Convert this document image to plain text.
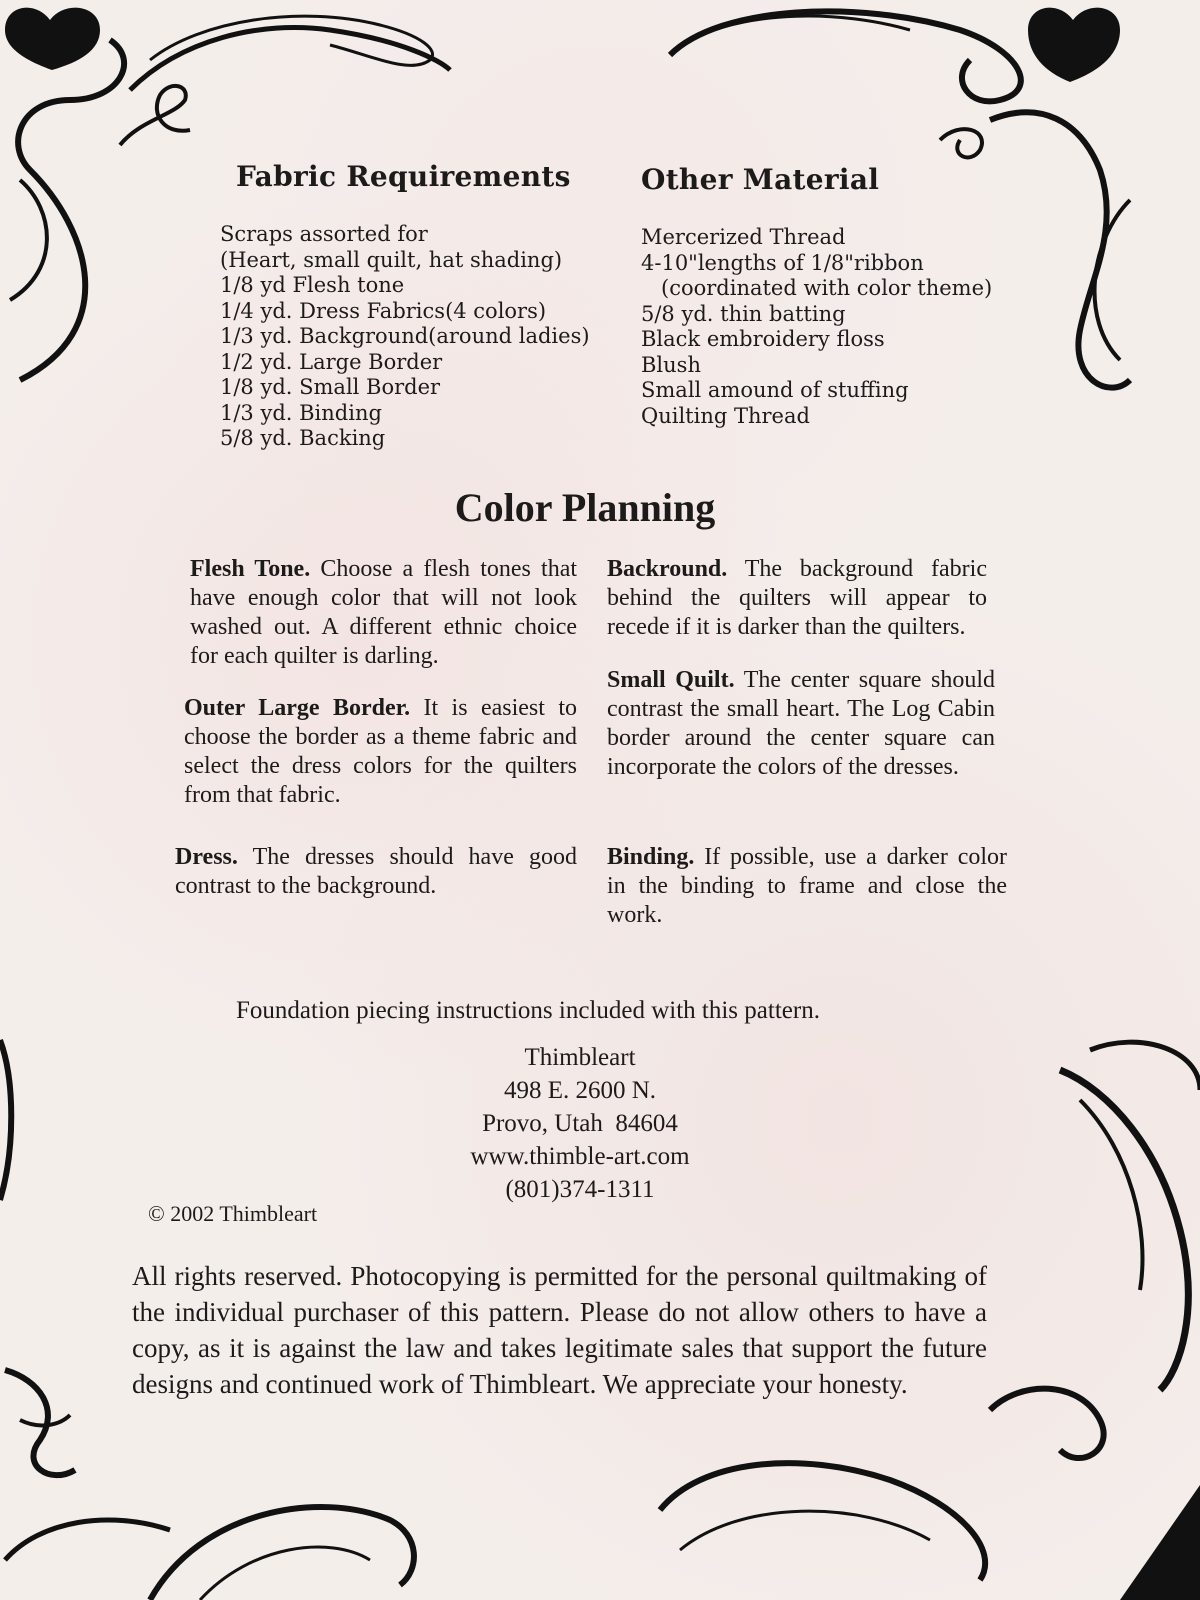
Fabric Requirements
Scraps assorted for
(Heart, small quilt, hat shading)
1/8 yd Flesh tone
1/4 yd. Dress Fabrics(4 colors)
1/3 yd. Background(around ladies)
1/2 yd. Large Border
1/8 yd. Small Border
1/3 yd. Binding
5/8 yd. Backing
Other Material
Mercerized Thread
4-10"lengths of 1/8"ribbon
(coordinated with color theme)
5/8 yd. thin batting
Black embroidery floss
Blush
Small amound of stuffing
Quilting Thread
Color Planning

Flesh Tone. Choose a flesh tones that have enough color that will not look washed out. A different ethnic choice for each quilter is darling.

Outer Large Border. It is easiest to choose the border as a theme fabric and select the dress colors for the quilters from that fabric.

Dress. The dresses should have good contrast to the background.

Backround. The background fabric behind the quilters will appear to recede if it is darker than the quilters.

Small Quilt. The center square should contrast the small heart. The Log Cabin border around the center square can incorporate the colors of the dresses.

Binding. If possible, use a darker color in the binding to frame and close the work.

Foundation piecing instructions included with this pattern.
Thimbleart
498 E. 2600 N.
Provo, Utah  84604
www.thimble-art.com
(801)374-1311
© 2002 Thimbleart

All rights reserved. Photocopying is permitted for the personal quiltmaking of the individual purchaser of this pattern. Please do not allow others to have a copy, as it is against the law and takes legitimate sales that support the future designs and continued work of Thimbleart. We appreciate your honesty.
